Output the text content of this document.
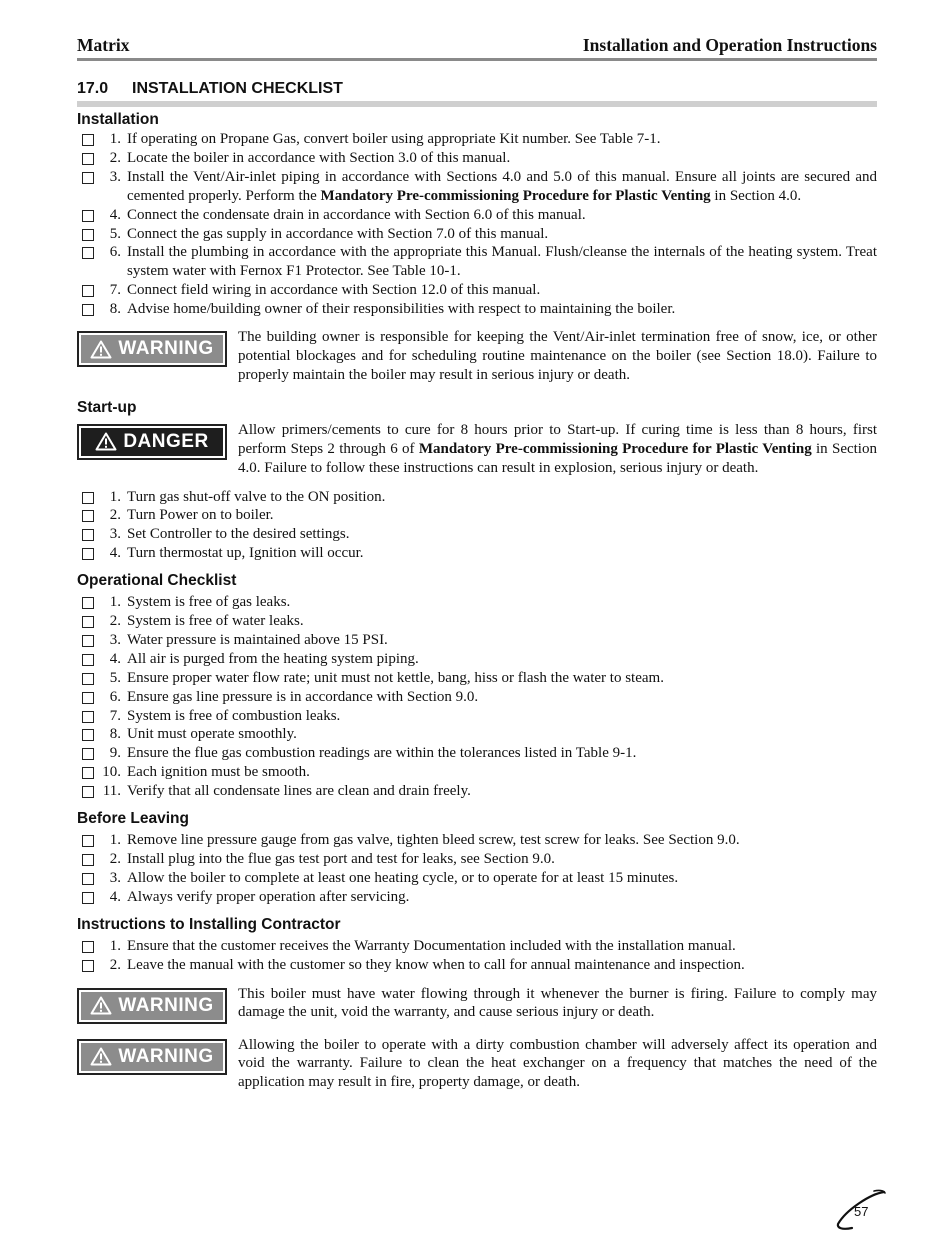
Matrix	Installation and Operation Instructions
17.0 INSTALLATION CHECKLIST
Installation
1. If operating on Propane Gas, convert boiler using appropriate Kit number. See Table 7-1.
2. Locate the boiler in accordance with Section 3.0 of this manual.
3. Install the Vent/Air-inlet piping in accordance with Sections 4.0 and 5.0 of this manual. Ensure all joints are secured and cemented properly. Perform the Mandatory Pre-commissioning Procedure for Plastic Venting in Section 4.0.
4. Connect the condensate drain in accordance with Section 6.0 of this manual.
5. Connect the gas supply in accordance with Section 7.0 of this manual.
6. Install the plumbing in accordance with the appropriate this Manual. Flush/cleanse the internals of the heating system. Treat system water with Fernox F1 Protector. See Table 10-1.
7. Connect field wiring in accordance with Section 12.0 of this manual.
8. Advise home/building owner of their responsibilities with respect to maintaining the boiler.
WARNING
The building owner is responsible for keeping the Vent/Air-inlet termination free of snow, ice, or other potential blockages and for scheduling routine maintenance on the boiler (see Section 18.0). Failure to properly maintain the boiler may result in serious injury or death.
Start-up
DANGER
Allow primers/cements to cure for 8 hours prior to Start-up. If curing time is less than 8 hours, first perform Steps 2 through 6 of Mandatory Pre-commissioning Procedure for Plastic Venting in Section 4.0. Failure to follow these instructions can result in explosion, serious injury or death.
1. Turn gas shut-off valve to the ON position.
2. Turn Power on to boiler.
3. Set Controller to the desired settings.
4. Turn thermostat up, Ignition will occur.
Operational Checklist
1. System is free of gas leaks.
2. System is free of water leaks.
3. Water pressure is maintained above 15 PSI.
4. All air is purged from the heating system piping.
5. Ensure proper water flow rate; unit must not kettle, bang, hiss or flash the water to steam.
6. Ensure gas line pressure is in accordance with Section 9.0.
7. System is free of combustion leaks.
8. Unit must operate smoothly.
9. Ensure the flue gas combustion readings are within the tolerances listed in Table 9-1.
10. Each ignition must be smooth.
11. Verify that all condensate lines are clean and drain freely.
Before Leaving
1. Remove line pressure gauge from gas valve, tighten bleed screw, test screw for leaks. See Section 9.0.
2. Install plug into the flue gas test port and test for leaks, see Section 9.0.
3. Allow the boiler to complete at least one heating cycle, or to operate for at least 15 minutes.
4. Always verify proper operation after servicing.
Instructions to Installing Contractor
1. Ensure that the customer receives the Warranty Documentation included with the installation manual.
2. Leave the manual with the customer so they know when to call for annual maintenance and inspection.
WARNING
This boiler must have water flowing through it whenever the burner is firing. Failure to comply may damage the unit, void the warranty, and cause serious injury or death.
WARNING
Allowing the boiler to operate with a dirty combustion chamber will adversely affect its operation and void the warranty. Failure to clean the heat exchanger on a frequency that matches the need of the application may result in fire, property damage, or death.
57
